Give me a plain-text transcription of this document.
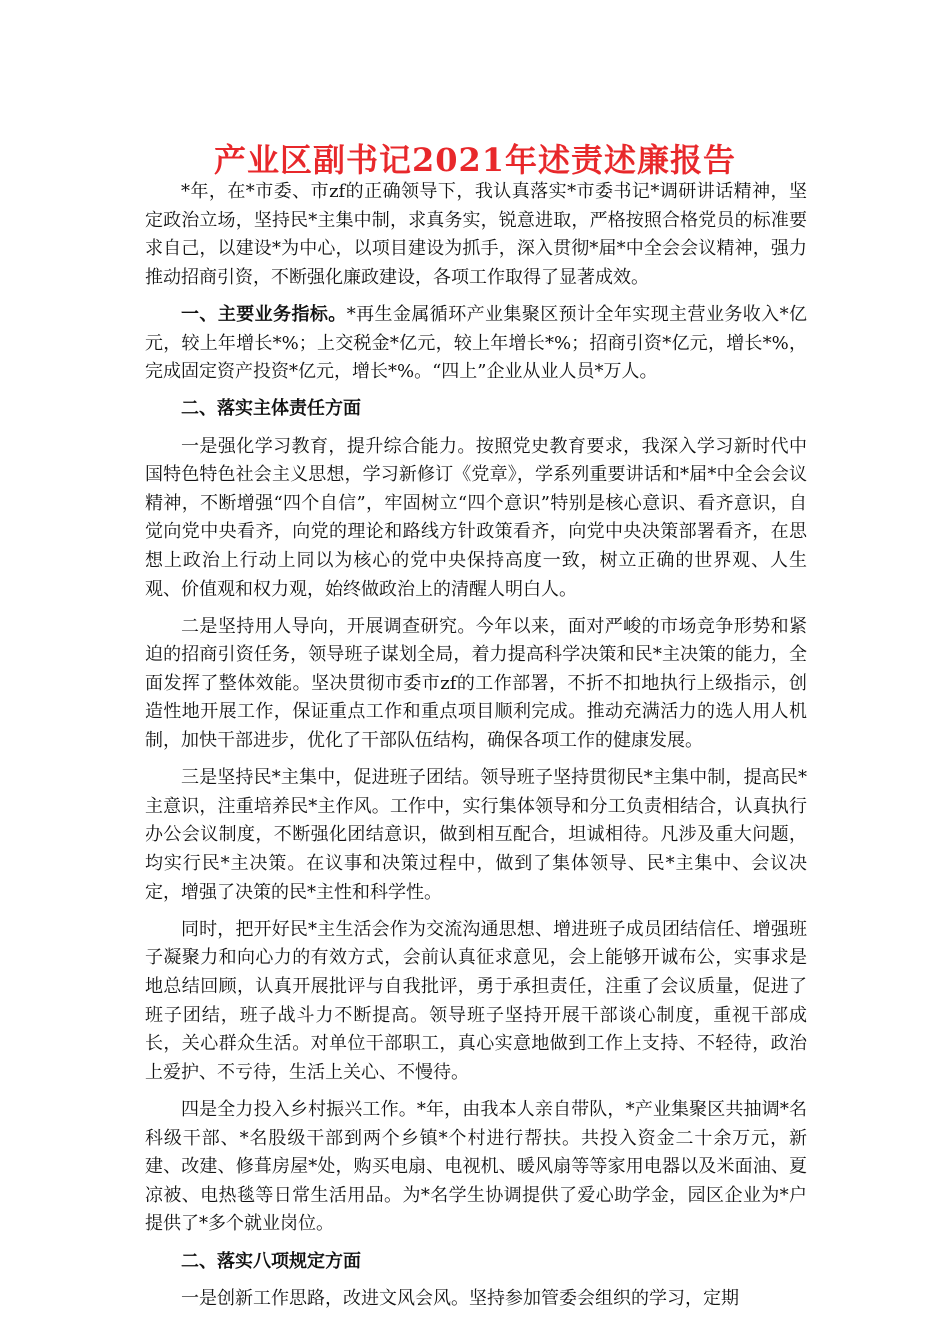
产业区副书记2021年述责述廉报告

*年，在*市委、市zf的正确领导下，我认真落实*市委书记*调研讲话精神，坚定政治立场，坚持民*主集中制，求真务实，锐意进取，严格按照合格党员的标准要求自己，以建设*为中心，以项目建设为抓手，深入贯彻*届*中全会会议精神，强力推动招商引资，不断强化廉政建设，各项工作取得了显著成效。

一、主要业务指标。*再生金属循环产业集聚区预计全年实现主营业务收入*亿元，较上年增长*%；上交税金*亿元，较上年增长*%；招商引资*亿元，增长*%，完成固定资产投资*亿元，增长*%。“四上”企业从业人员*万人。

二、落实主体责任方面

一是强化学习教育，提升综合能力。按照党史教育要求，我深入学习新时代中国特色特色社会主义思想，学习新修订《党章》，学系列重要讲话和*届*中全会会议精神，不断增强“四个自信”，牢固树立“四个意识”特别是核心意识、看齐意识，自觉向党中央看齐，向党的理论和路线方针政策看齐，向党中央决策部署看齐，在思想上政治上行动上同以为核心的党中央保持高度一致，树立正确的世界观、人生观、价值观和权力观，始终做政治上的清醒人明白人。

二是坚持用人导向，开展调查研究。今年以来，面对严峻的市场竞争形势和紧迫的招商引资任务，领导班子谋划全局，着力提高科学决策和民*主决策的能力，全面发挥了整体效能。坚决贯彻市委市zf的工作部署，不折不扣地执行上级指示，创造性地开展工作，保证重点工作和重点项目顺利完成。推动充满活力的选人用人机制，加快干部进步，优化了干部队伍结构，确保各项工作的健康发展。

三是坚持民*主集中，促进班子团结。领导班子坚持贯彻民*主集中制，提高民*主意识，注重培养民*主作风。工作中，实行集体领导和分工负责相结合，认真执行办公会议制度，不断强化团结意识，做到相互配合，坦诚相待。凡涉及重大问题，均实行民*主决策。在议事和决策过程中，做到了集体领导、民*主集中、会议决定，增强了决策的民*主性和科学性。

同时，把开好民*主生活会作为交流沟通思想、增进班子成员团结信任、增强班子凝聚力和向心力的有效方式，会前认真征求意见，会上能够开诚布公，实事求是地总结回顾，认真开展批评与自我批评，勇于承担责任，注重了会议质量，促进了班子团结，班子战斗力不断提高。领导班子坚持开展干部谈心制度，重视干部成长，关心群众生活。对单位干部职工，真心实意地做到工作上支持、不轻待，政治上爱护、不亏待，生活上关心、不慢待。

四是全力投入乡村振兴工作。*年，由我本人亲自带队，*产业集聚区共抽调*名科级干部、*名股级干部到两个乡镇*个村进行帮扶。共投入资金二十余万元，新建、改建、修葺房屋*处，购买电扇、电视机、暖风扇等等家用电器以及米面油、夏凉被、电热毯等日常生活用品。为*名学生协调提供了爱心助学金，园区企业为*户提供了*多个就业岗位。

二、落实八项规定方面

一是创新工作思路，改进文风会风。坚持参加管委会组织的学习，定期
